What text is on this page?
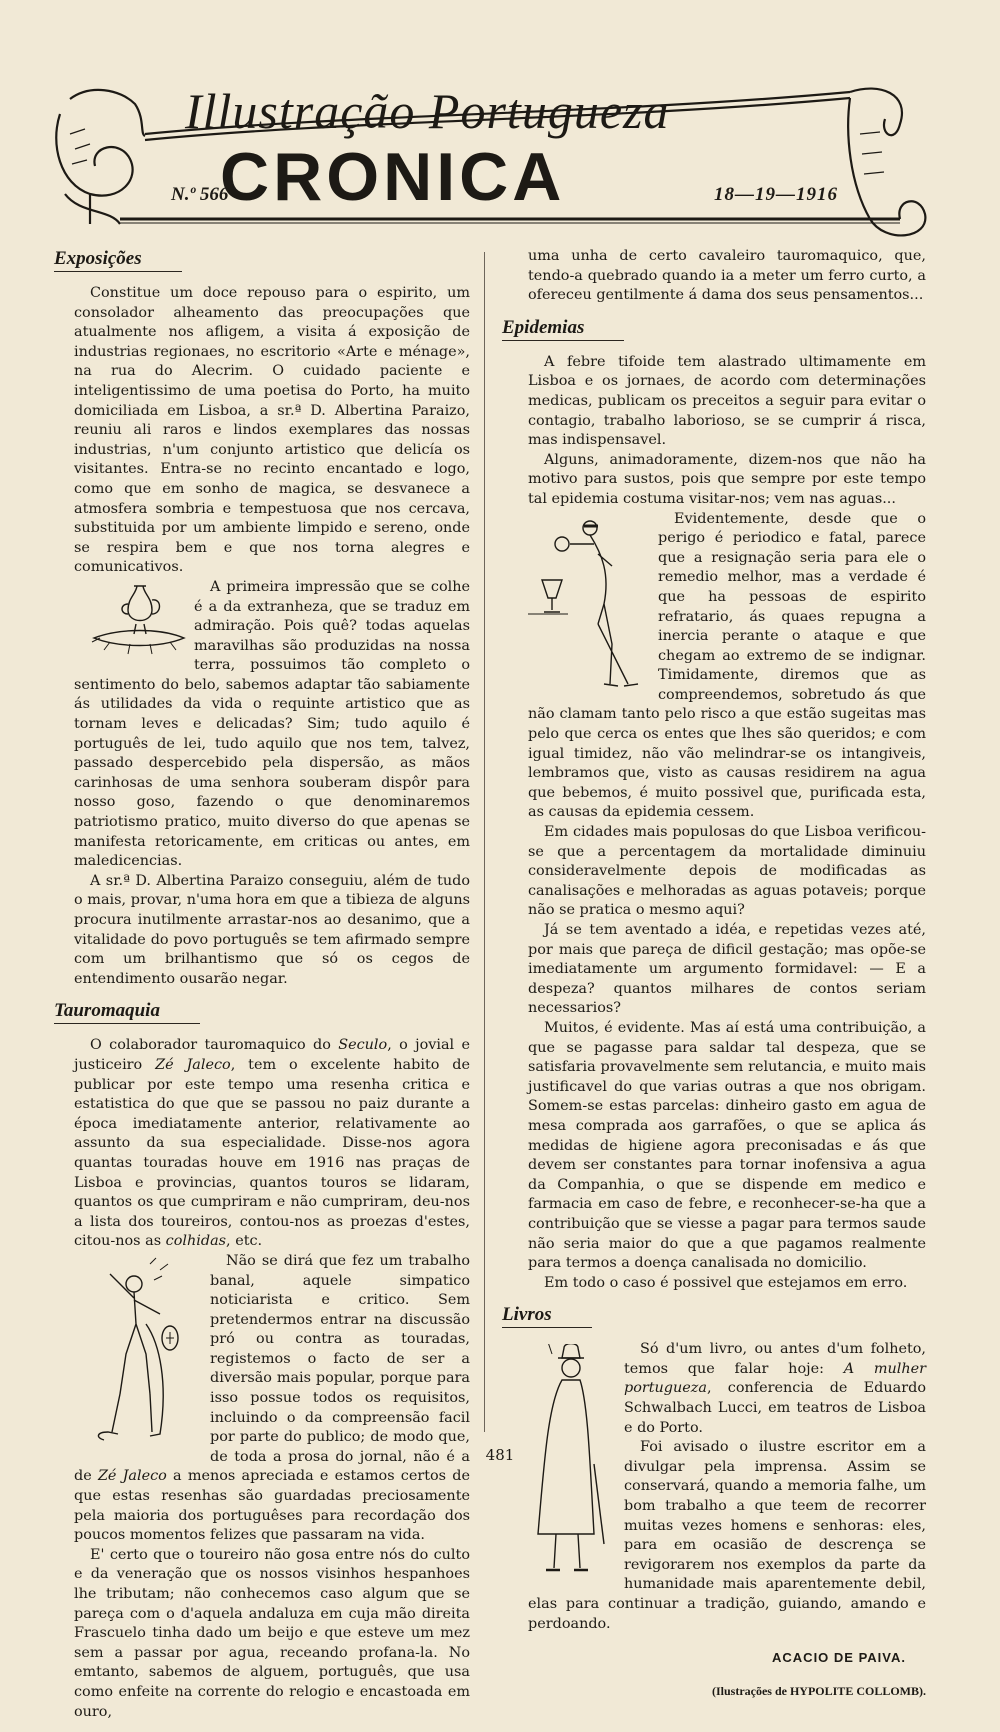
Illustração Portugueza
CRONICA
N.º 566	18—19—1916
Exposições

Constitue um doce repouso para o espirito, um consolador alheamento das preocupações que atualmente nos afligem, a visita á exposição de industrias regionaes, no escritorio «Arte e ménage», na rua do Alecrim. O cuidado paciente e inteligentissimo de uma poetisa do Porto, ha muito domiciliada em Lisboa, a sr.ª D. Albertina Paraizo, reuniu ali raros e lindos exemplares das nossas industrias, n'um conjunto artistico que delicía os visitantes. Entra-se no recinto encantado e logo, como que em sonho de magica, se desvanece a atmosfera sombria e tempestuosa que nos cercava, substituida por um ambiente limpido e sereno, onde se respira bem e que nos torna alegres e comunicativos.

A primeira impressão que se colhe é a da extranheza, que se traduz em admiração. Pois quê? todas aquelas maravilhas são produzidas na nossa terra, possuimos tão completo o sentimento do belo, sabemos adaptar tão sabiamente ás utilidades da vida o requinte artistico que as tornam leves e delicadas? Sim; tudo aquilo é português de lei, tudo aquilo que nos tem, talvez, passado despercebido pela dispersão, as mãos carinhosas de uma senhora souberam dispôr para nosso goso, fazendo o que denominaremos patriotismo pratico, muito diverso do que apenas se manifesta retoricamente, em criticas ou antes, em maledicencias.

A sr.ª D. Albertina Paraizo conseguiu, além de tudo o mais, provar, n'uma hora em que a tibieza de alguns procura inutilmente arrastar-nos ao desanimo, que a vitalidade do povo português se tem afirmado sempre com um brilhantismo que só os cegos de entendimento ousarão negar.

Tauromaquia

O colaborador tauromaquico do Seculo, o jovial e justiceiro Zé Jaleco, tem o excelente habito de publicar por este tempo uma resenha critica e estatistica do que que se passou no paiz durante a época imediatamente anterior, relativamente ao assunto da sua especialidade. Disse-nos agora quantas touradas houve em 1916 nas praças de Lisboa e provincias, quantos touros se lidaram, quantos os que cumpriram e não cumpriram, deu-nos a lista dos toureiros, contou-nos as proezas d'estes, citou-nos as colhidas, etc.

Não se dirá que fez um trabalho banal, aquele simpatico noticiarista e critico. Sem pretendermos entrar na discussão pró ou contra as touradas, registemos o facto de ser a diversão mais popular, porque para isso possue todos os requisitos, incluindo o da compreensão facil por parte do publico; de modo que, de toda a prosa do jornal, não é a de Zé Jaleco a menos apreciada e estamos certos de que estas resenhas são guardadas preciosamente pela maioria dos portuguêses para recordação dos poucos momentos felizes que passaram na vida.

E' certo que o toureiro não gosa entre nós do culto e da veneração que os nossos visinhos hespanhoes lhe tributam; não conhecemos caso algum que se pareça com o d'aquela andaluza em cuja mão direita Frascuelo tinha dado um beijo e que esteve um mez sem a passar por agua, receando profana-la. No emtanto, sabemos de alguem, português, que usa como enfeite na corrente do relogio e encastoada em ouro,

uma unha de certo cavaleiro tauromaquico, que, tendo-a quebrado quando ia a meter um ferro curto, a ofereceu gentilmente á dama dos seus pensamentos...

Epidemias

A febre tifoide tem alastrado ultimamente em Lisboa e os jornaes, de acordo com determinações medicas, publicam os preceitos a seguir para evitar o contagio, trabalho laborioso, se se cumprir á risca, mas indispensavel.

Alguns, animadoramente, dizem-nos que não ha motivo para sustos, pois que sempre por este tempo tal epidemia costuma visitar-nos; vem nas aguas...

Evidentemente, desde que o perigo é periodico e fatal, parece que a resignação seria para ele o remedio melhor, mas a verdade é que ha pessoas de espirito refratario, ás quaes repugna a inercia perante o ataque e que chegam ao extremo de se indignar. Timidamente, diremos que as compreendemos, sobretudo ás que não clamam tanto pelo risco a que estão sugeitas mas pelo que cerca os entes que lhes são queridos; e com igual timidez, não vão melindrar-se os intangiveis, lembramos que, visto as causas residirem na agua que bebemos, é muito possivel que, purificada esta, as causas da epidemia cessem.

Em cidades mais populosas do que Lisboa verificou-se que a percentagem da mortalidade diminuiu consideravelmente depois de modificadas as canalisações e melhoradas as aguas potaveis; porque não se pratica o mesmo aqui?

Já se tem aventado a idéa, e repetidas vezes até, por mais que pareça de dificil gestação; mas opõe-se imediatamente um argumento formidavel: — E a despeza? quantos milhares de contos seriam necessarios?

Muitos, é evidente. Mas aí está uma contribuição, a que se pagasse para saldar tal despeza, que se satisfaria provavelmente sem relutancia, e muito mais justificavel do que varias outras a que nos obrigam. Somem-se estas parcelas: dinheiro gasto em agua de mesa comprada aos garrafões, o que se aplica ás medidas de higiene agora preconisadas e ás que devem ser constantes para tornar inofensiva a agua da Companhia, o que se dispende em medico e farmacia em caso de febre, e reconhecer-se-ha que a contribuição que se viesse a pagar para termos saude não seria maior do que a que pagamos realmente para termos a doença canalisada no domicilio.

Em todo o caso é possivel que estejamos em erro.

Livros

Só d'um livro, ou antes d'um folheto, temos que falar hoje: A mulher portugueza, conferencia de Eduardo Schwalbach Lucci, em teatros de Lisboa e do Porto.

Foi avisado o ilustre escritor em a divulgar pela imprensa. Assim se conservará, quando a memoria falhe, um bom trabalho a que teem de recorrer muitas vezes homens e senhoras: eles, para em ocasião de descrença se revigorarem nos exemplos da parte da humanidade mais aparentemente debil, elas para continuar a tradição, guiando, amando e perdoando.

ACACIO DE PAIVA.

(Ilustrações de HYPOLITE COLLOMB).

481
